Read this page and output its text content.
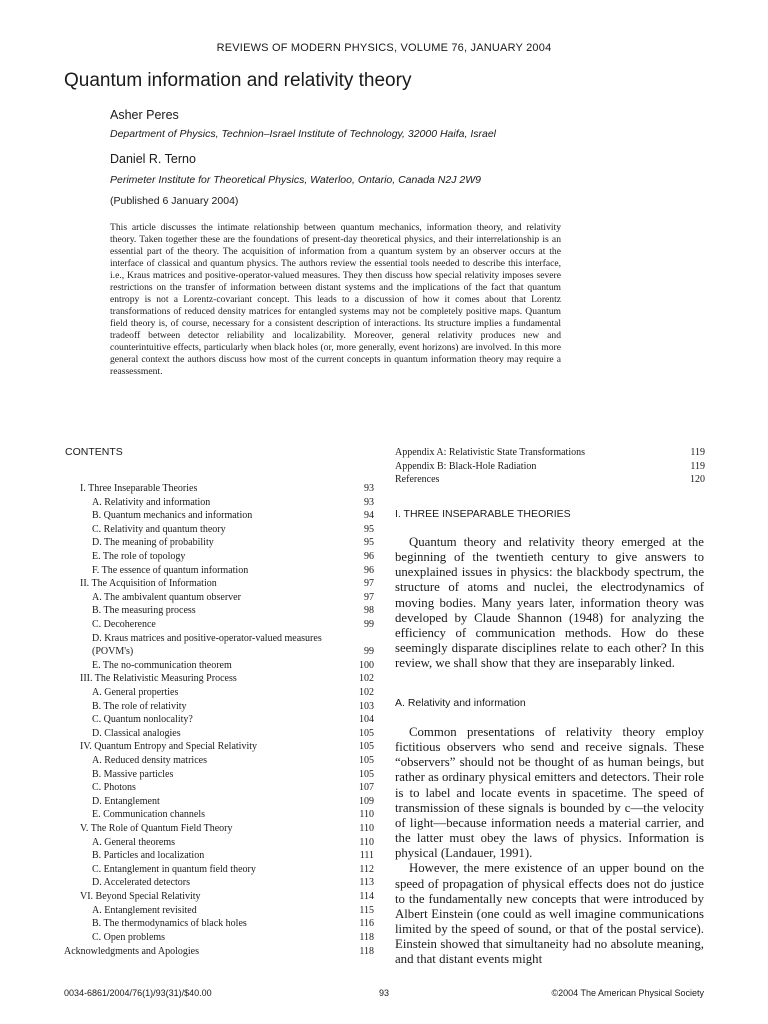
REVIEWS OF MODERN PHYSICS, VOLUME 76, JANUARY 2004
Quantum information and relativity theory
Asher Peres
Department of Physics, Technion–Israel Institute of Technology, 32000 Haifa, Israel
Daniel R. Terno
Perimeter Institute for Theoretical Physics, Waterloo, Ontario, Canada N2J 2W9
(Published 6 January 2004)
This article discusses the intimate relationship between quantum mechanics, information theory, and relativity theory. Taken together these are the foundations of present-day theoretical physics, and their interrelationship is an essential part of the theory. The acquisition of information from a quantum system by an observer occurs at the interface of classical and quantum physics. The authors review the essential tools needed to describe this interface, i.e., Kraus matrices and positive-operator-valued measures. They then discuss how special relativity imposes severe restrictions on the transfer of information between distant systems and the implications of the fact that quantum entropy is not a Lorentz-covariant concept. This leads to a discussion of how it comes about that Lorentz transformations of reduced density matrices for entangled systems may not be completely positive maps. Quantum field theory is, of course, necessary for a consistent description of interactions. Its structure implies a fundamental tradeoff between detector reliability and localizability. Moreover, general relativity produces new and counterintuitive effects, particularly when black holes (or, more generally, event horizons) are involved. In this more general context the authors discuss how most of the current concepts in quantum information theory may require a reassessment.
CONTENTS
I. Three Inseparable Theories	93
A. Relativity and information	93
B. Quantum mechanics and information	94
C. Relativity and quantum theory	95
D. The meaning of probability	95
E. The role of topology	96
F. The essence of quantum information	96
II. The Acquisition of Information	97
A. The ambivalent quantum observer	97
B. The measuring process	98
C. Decoherence	99
D. Kraus matrices and positive-operator-valued measures (POVM's)	99
E. The no-communication theorem	100
III. The Relativistic Measuring Process	102
A. General properties	102
B. The role of relativity	103
C. Quantum nonlocality?	104
D. Classical analogies	105
IV. Quantum Entropy and Special Relativity	105
A. Reduced density matrices	105
B. Massive particles	105
C. Photons	107
D. Entanglement	109
E. Communication channels	110
V. The Role of Quantum Field Theory	110
A. General theorems	110
B. Particles and localization	111
C. Entanglement in quantum field theory	112
D. Accelerated detectors	113
VI. Beyond Special Relativity	114
A. Entanglement revisited	115
B. The thermodynamics of black holes	116
C. Open problems	118
Acknowledgments and Apologies	118
Appendix A: Relativistic State Transformations	119
Appendix B: Black-Hole Radiation	119
References	120
I. THREE INSEPARABLE THEORIES

Quantum theory and relativity theory emerged at the beginning of the twentieth century to give answers to unexplained issues in physics: the blackbody spectrum, the structure of atoms and nuclei, the electrodynamics of moving bodies. Many years later, information theory was developed by Claude Shannon (1948) for analyzing the efficiency of communication methods. How do these seemingly disparate disciplines relate to each other? In this review, we shall show that they are inseparably linked.

A. Relativity and information

Common presentations of relativity theory employ fictitious observers who send and receive signals. These “observers” should not be thought of as human beings, but rather as ordinary physical emitters and detectors. Their role is to label and locate events in spacetime. The speed of transmission of these signals is bounded by c—the velocity of light—because information needs a material carrier, and the latter must obey the laws of physics. Information is physical (Landauer, 1991).

However, the mere existence of an upper bound on the speed of propagation of physical effects does not do justice to the fundamentally new concepts that were introduced by Albert Einstein (one could as well imagine communications limited by the speed of sound, or that of the postal service). Einstein showed that simultaneity had no absolute meaning, and that distant events might

0034-6861/2004/76(1)/93(31)/$40.00	93	©2004 The American Physical Society
